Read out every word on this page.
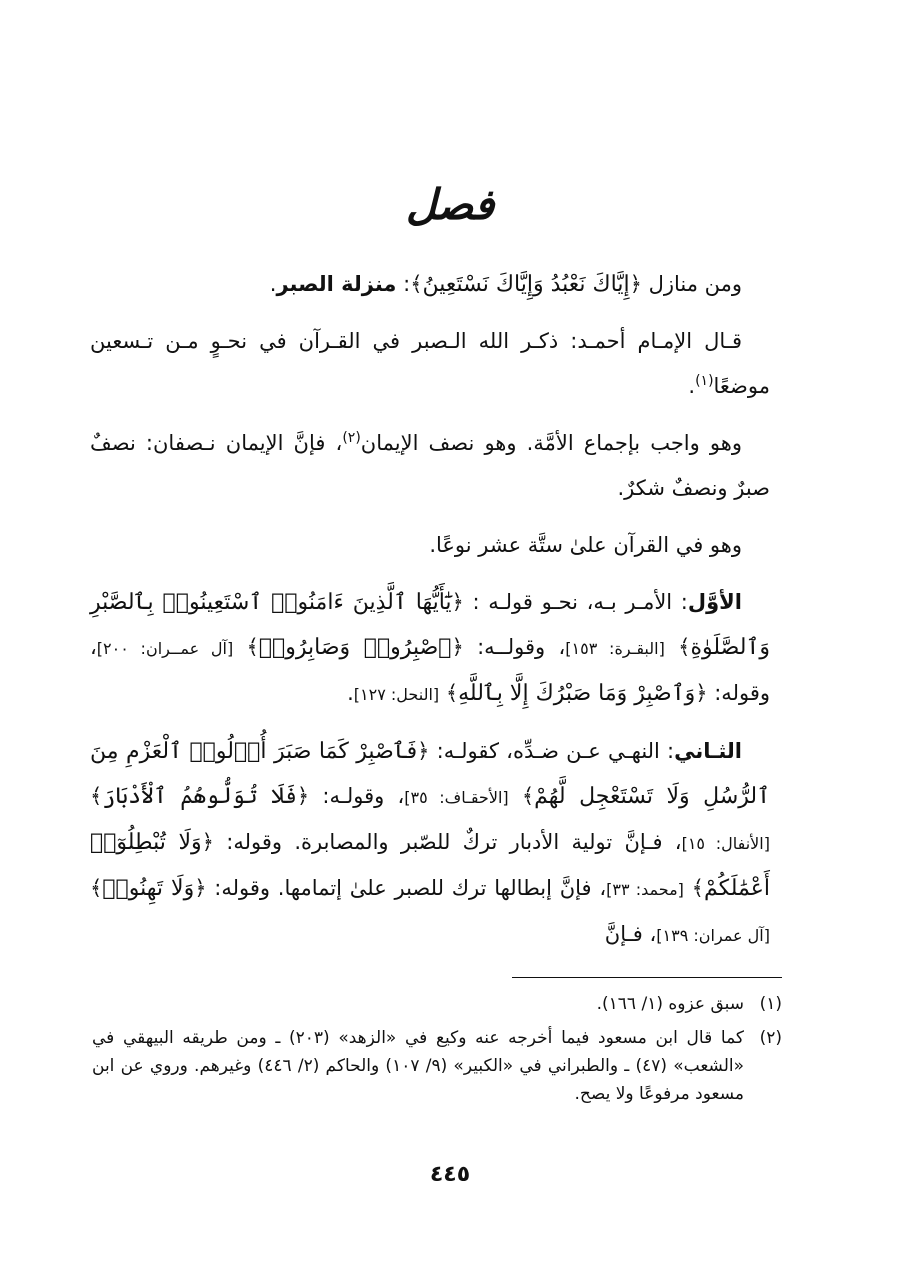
فصل

ومن منازل ﴿إِيَّاكَ نَعْبُدُ وَإِيَّاكَ نَسْتَعِينُ﴾: منزلة الصبر.

قـال الإمـام أحمـد: ذكـر الله الـصبر في القـرآن في نحـوٍ مـن تـسعين موضعًا$^{(١)}$.

وهو واجب بإجماع الأمَّة. وهو نصف الإيمان$^{(٢)}$، فإنَّ الإيمان نـصفان: نصفٌ صبرٌ ونصفٌ شكرٌ.

وهو في القرآن علىٰ ستَّة عشر نوعًا.

الأوَّل: الأمـر بـه، نحـو قولـه : ﴿يَٰٓأَيُّهَا ٱلَّذِينَ ءَامَنُوا۟ ٱسْتَعِينُوا۟ بِٱلصَّبْرِ وَٱلصَّلَوٰةِ﴾ [البقـرة: ١٥٣]، وقولــه: ﴿ٱصْبِرُوا۟ وَصَابِرُوا۟﴾ [آل عمــران: ٢٠٠]، وقوله: ﴿وَٱصْبِرْ وَمَا صَبْرُكَ إِلَّا بِٱللَّهِ﴾ [النحل: ١٢٧].

الثـاني: النهـي عـن ضـدِّه، كقولـه: ﴿فَٱصْبِرْ كَمَا صَبَرَ أُو۟لُوا۟ ٱلْعَزْمِ مِنَ ٱلرُّسُلِ وَلَا تَسْتَعْجِل لَّهُمْ﴾ [الأحقـاف: ٣٥]، وقولـه: ﴿فَلَا تُوَلُّوهُمُ ٱلْأَدْبَارَ﴾ [الأنفال: ١٥]، فـإنَّ تولية الأدبار تركٌ للصّبر والمصابرة. وقوله: ﴿وَلَا تُبْطِلُوٓا۟ أَعْمَٰلَكُمْ﴾ [محمد: ٣٣]، فإنَّ إبطالها ترك للصبر علىٰ إتمامها. وقوله: ﴿وَلَا تَهِنُوا۟﴾ [آل عمران: ١٣٩]، فـإنَّ

(١)
سبق عزوه (١/ ١٦٦).
(٢)
كما قال ابن مسعود فيما أخرجه عنه وكيع في «الزهد» (٢٠٣) ـ ومن طريقه البيهقي في «الشعب» (٤٧) ـ والطبراني في «الكبير» (٩/ ١٠٧) والحاكم (٢/ ٤٤٦) وغيرهم. وروي عن ابن مسعود مرفوعًا ولا يصح.
٤٤٥
